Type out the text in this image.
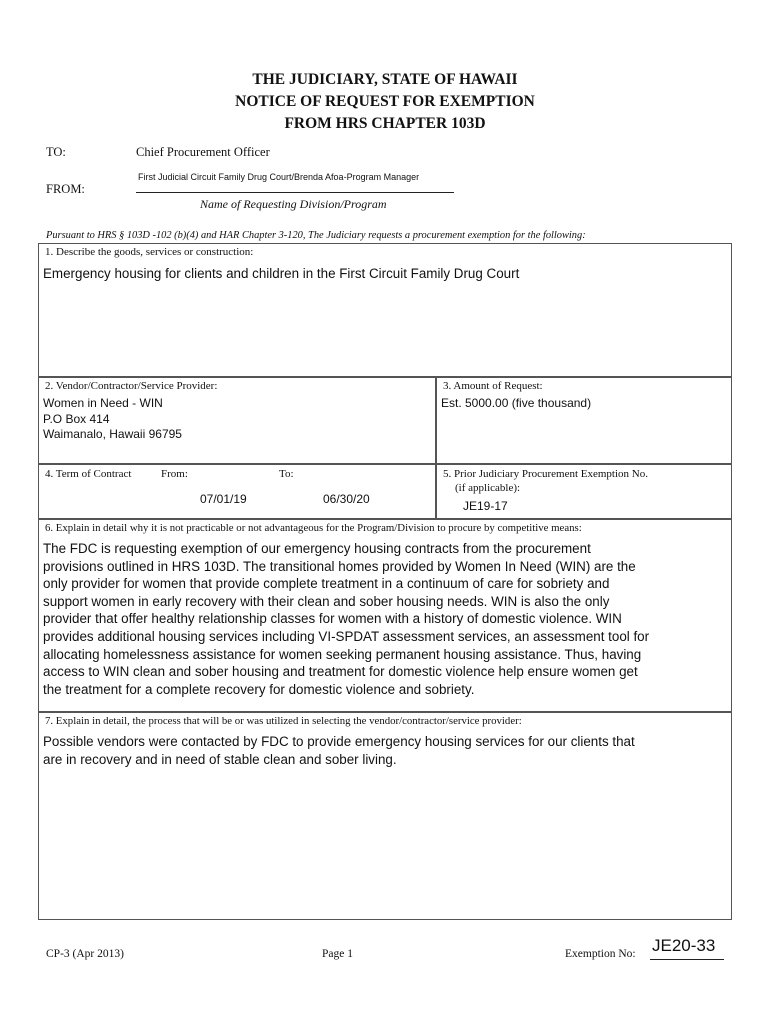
THE JUDICIARY, STATE OF HAWAII
NOTICE OF REQUEST FOR EXEMPTION
FROM HRS CHAPTER 103D
TO:	Chief Procurement Officer
FROM:
First Judicial Circuit Family Drug Court/Brenda Afoa-Program Manager
Name of Requesting Division/Program
Pursuant to HRS § 103D -102 (b)(4) and HAR Chapter 3-120, The Judiciary requests a procurement exemption for the following:
1. Describe the goods, services or construction:
Emergency housing for clients and children in the First Circuit Family Drug Court
2. Vendor/Contractor/Service Provider:
Women in Need - WIN
P.O Box 414
Waimanalo, Hawaii 96795
3. Amount of Request:
Est. 5000.00 (five thousand)
4. Term of Contract	From:	To:
07/01/19	06/30/20
5. Prior Judiciary Procurement Exemption No.
(if applicable):
JE19-17
6. Explain in detail why it is not practicable or not advantageous for the Program/Division to procure by competitive means:
The FDC is requesting exemption of our emergency housing contracts from the procurement
provisions outlined in HRS 103D. The transitional homes provided by Women In Need (WIN) are the
only provider for women that provide complete treatment in a continuum of care for sobriety and
support women in early recovery with their clean and sober housing needs. WIN is also the only
provider that offer healthy relationship classes for women with a history of domestic violence. WIN
provides additional housing services including VI-SPDAT assessment services, an assessment tool for
allocating homelessness assistance for women seeking permanent housing assistance. Thus, having
access to WIN clean and sober housing and treatment for domestic violence help ensure women get
the treatment for a complete recovery for domestic violence and sobriety.
7. Explain in detail, the process that will be or was utilized in selecting the vendor/contractor/service provider:
Possible vendors were contacted by FDC to provide emergency housing services for our clients that
are in recovery and in need of stable clean and sober living.
CP-3 (Apr 2013)	Page 1	Exemption No: JE20-33
